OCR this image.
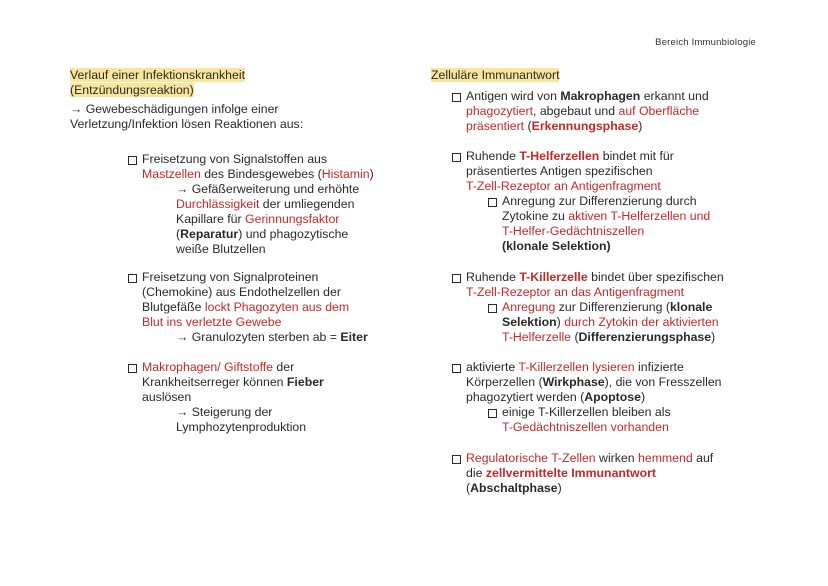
Bereich Immunbiologie

Verlauf einer Infektionskrankheit

(Entzündungsreaktion)

→ Gewebeschädigungen infolge einer

Verletzung/Infektion lösen Reaktionen aus:

Freisetzung von Signalstoffen aus

Mastzellen des Bindesgewebes (Histamin)

→ Gefäßerweiterung und erhöhte

Durchlässigkeit der umliegenden

Kapillare für Gerinnungsfaktor

(Reparatur) und phagozytische

weiße Blutzellen

Freisetzung von Signalproteinen

(Chemokine) aus Endothelzellen der

Blutgefäße lockt Phagozyten aus dem

Blut ins verletzte Gewebe

→ Granulozyten sterben ab = Eiter

Makrophagen/ Giftstoffe der

Krankheitserreger können Fieber

auslösen

→ Steigerung der

Lymphozytenproduktion

Zelluläre Immunantwort

Antigen wird von Makrophagen erkannt und

phagozytiert, abgebaut und auf Oberfläche

präsentiert (Erkennungsphase)

Ruhende T-Helferzellen bindet mit für

präsentiertes Antigen spezifischen

T-Zell-Rezeptor an Antigenfragment

Anregung zur Differenzierung durch

Zytokine zu aktiven T-Helferzellen und

T-Helfer-Gedächtniszellen

(klonale Selektion)

Ruhende T-Killerzelle bindet über spezifischen

T-Zell-Rezeptor an das Antigenfragment

Anregung zur Differenzierung (klonale

Selektion) durch Zytokin der aktivierten

T-Helferzelle (Differenzierungsphase)

aktivierte T-Killerzellen lysieren infizierte

Körperzellen (Wirkphase), die von Fresszellen

phagozytiert werden (Apoptose)

einige T-Killerzellen bleiben als

T-Gedächtniszellen vorhanden

Regulatorische T-Zellen wirken hemmend auf

die zellvermittelte Immunantwort

(Abschaltphase)
